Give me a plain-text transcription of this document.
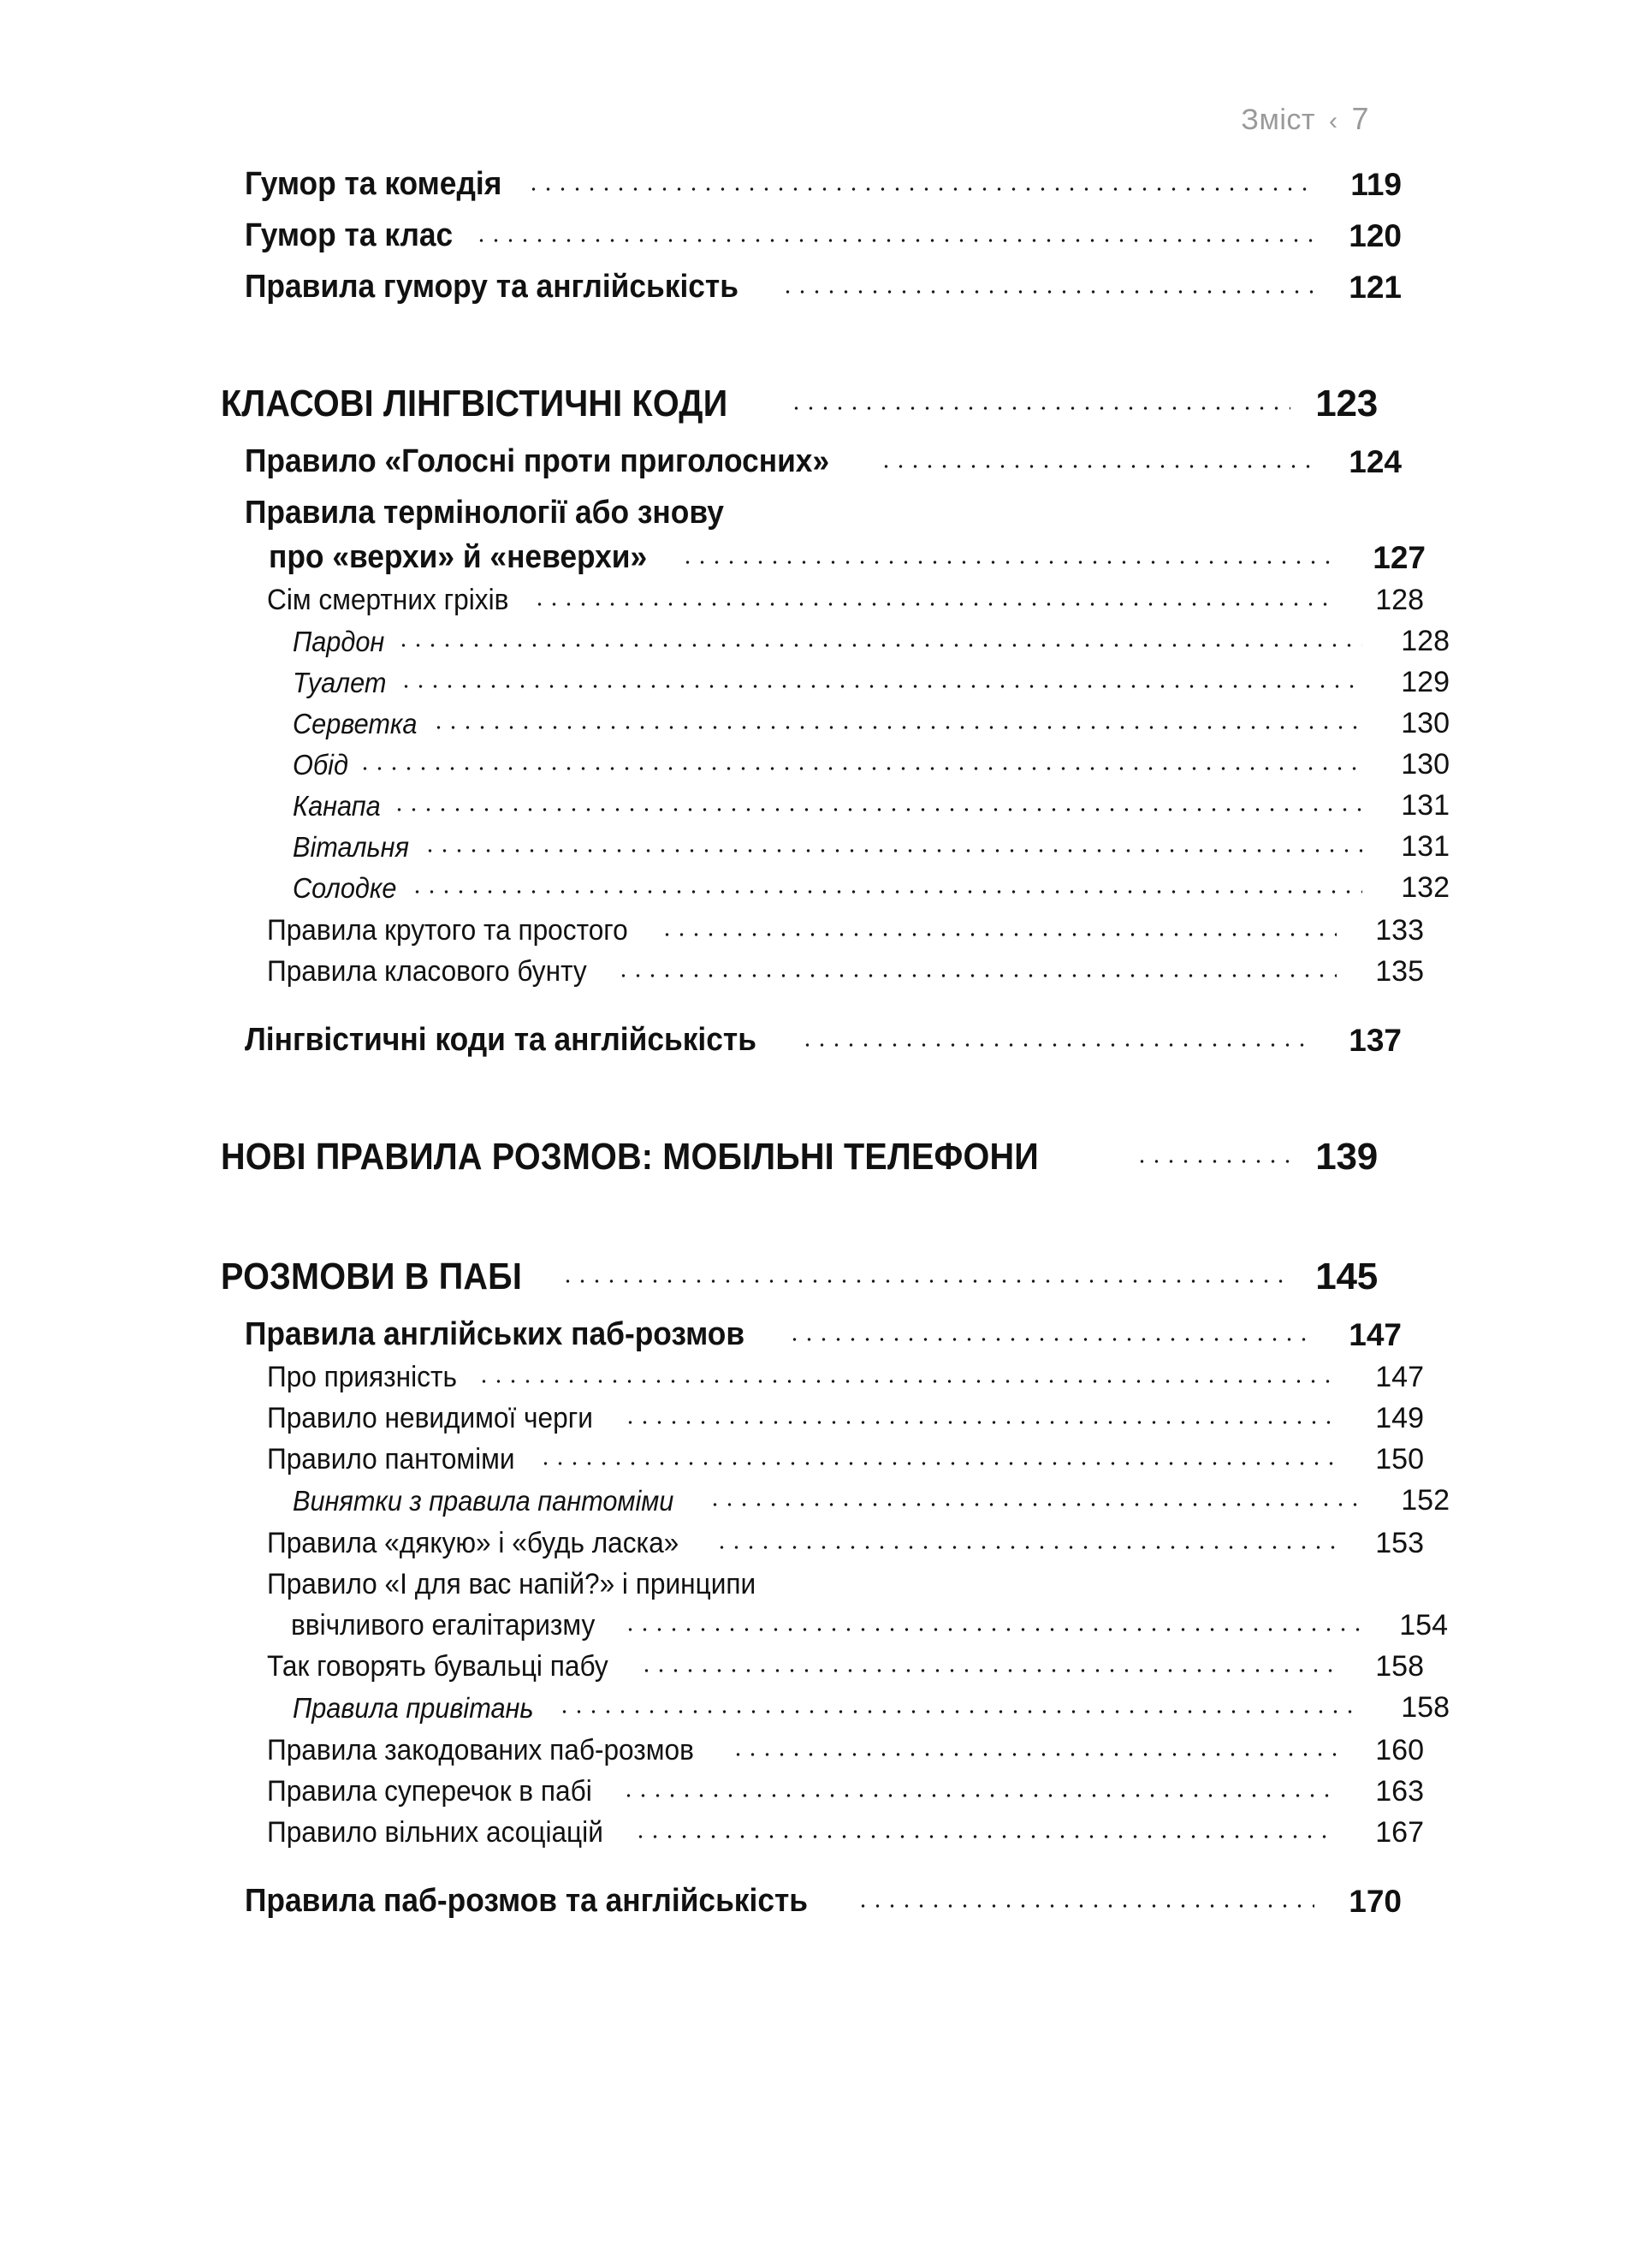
Зміст ‹ 7
Гумор та комедія	119
Гумор та клас	120
Правила гумору та англійськість	121
КЛАСОВІ ЛІНГВІСТИЧНІ КОДИ	123
Правило «Голосні проти приголосних»	124
Правила термінології або знову
про «верхи» й «неверхи»	127
Сім смертних гріхів	128
Пардон	128
Туалет	129
Серветка	130
Обід	130
Канапа	131
Вітальня	131
Солодке	132
Правила крутого та простого	133
Правила класового бунту	135
Лінгвістичні коди та англійськість	137
НОВІ ПРАВИЛА РОЗМОВ: МОБІЛЬНІ ТЕЛЕФОНИ	139
РОЗМОВИ В ПАБІ	145
Правила англійських паб-розмов	147
Про приязність	147
Правило невидимої черги	149
Правило пантоміми	150
Винятки з правила пантоміми	152
Правила «дякую» і «будь ласка»	153
Правило «І для вас напій?» і принципи
ввічливого егалітаризму	154
Так говорять бувальці пабу	158
Правила привітань	158
Правила закодованих паб-розмов	160
Правила суперечок в пабі	163
Правило вільних асоціацій	167
Правила паб-розмов та англійськість	170
